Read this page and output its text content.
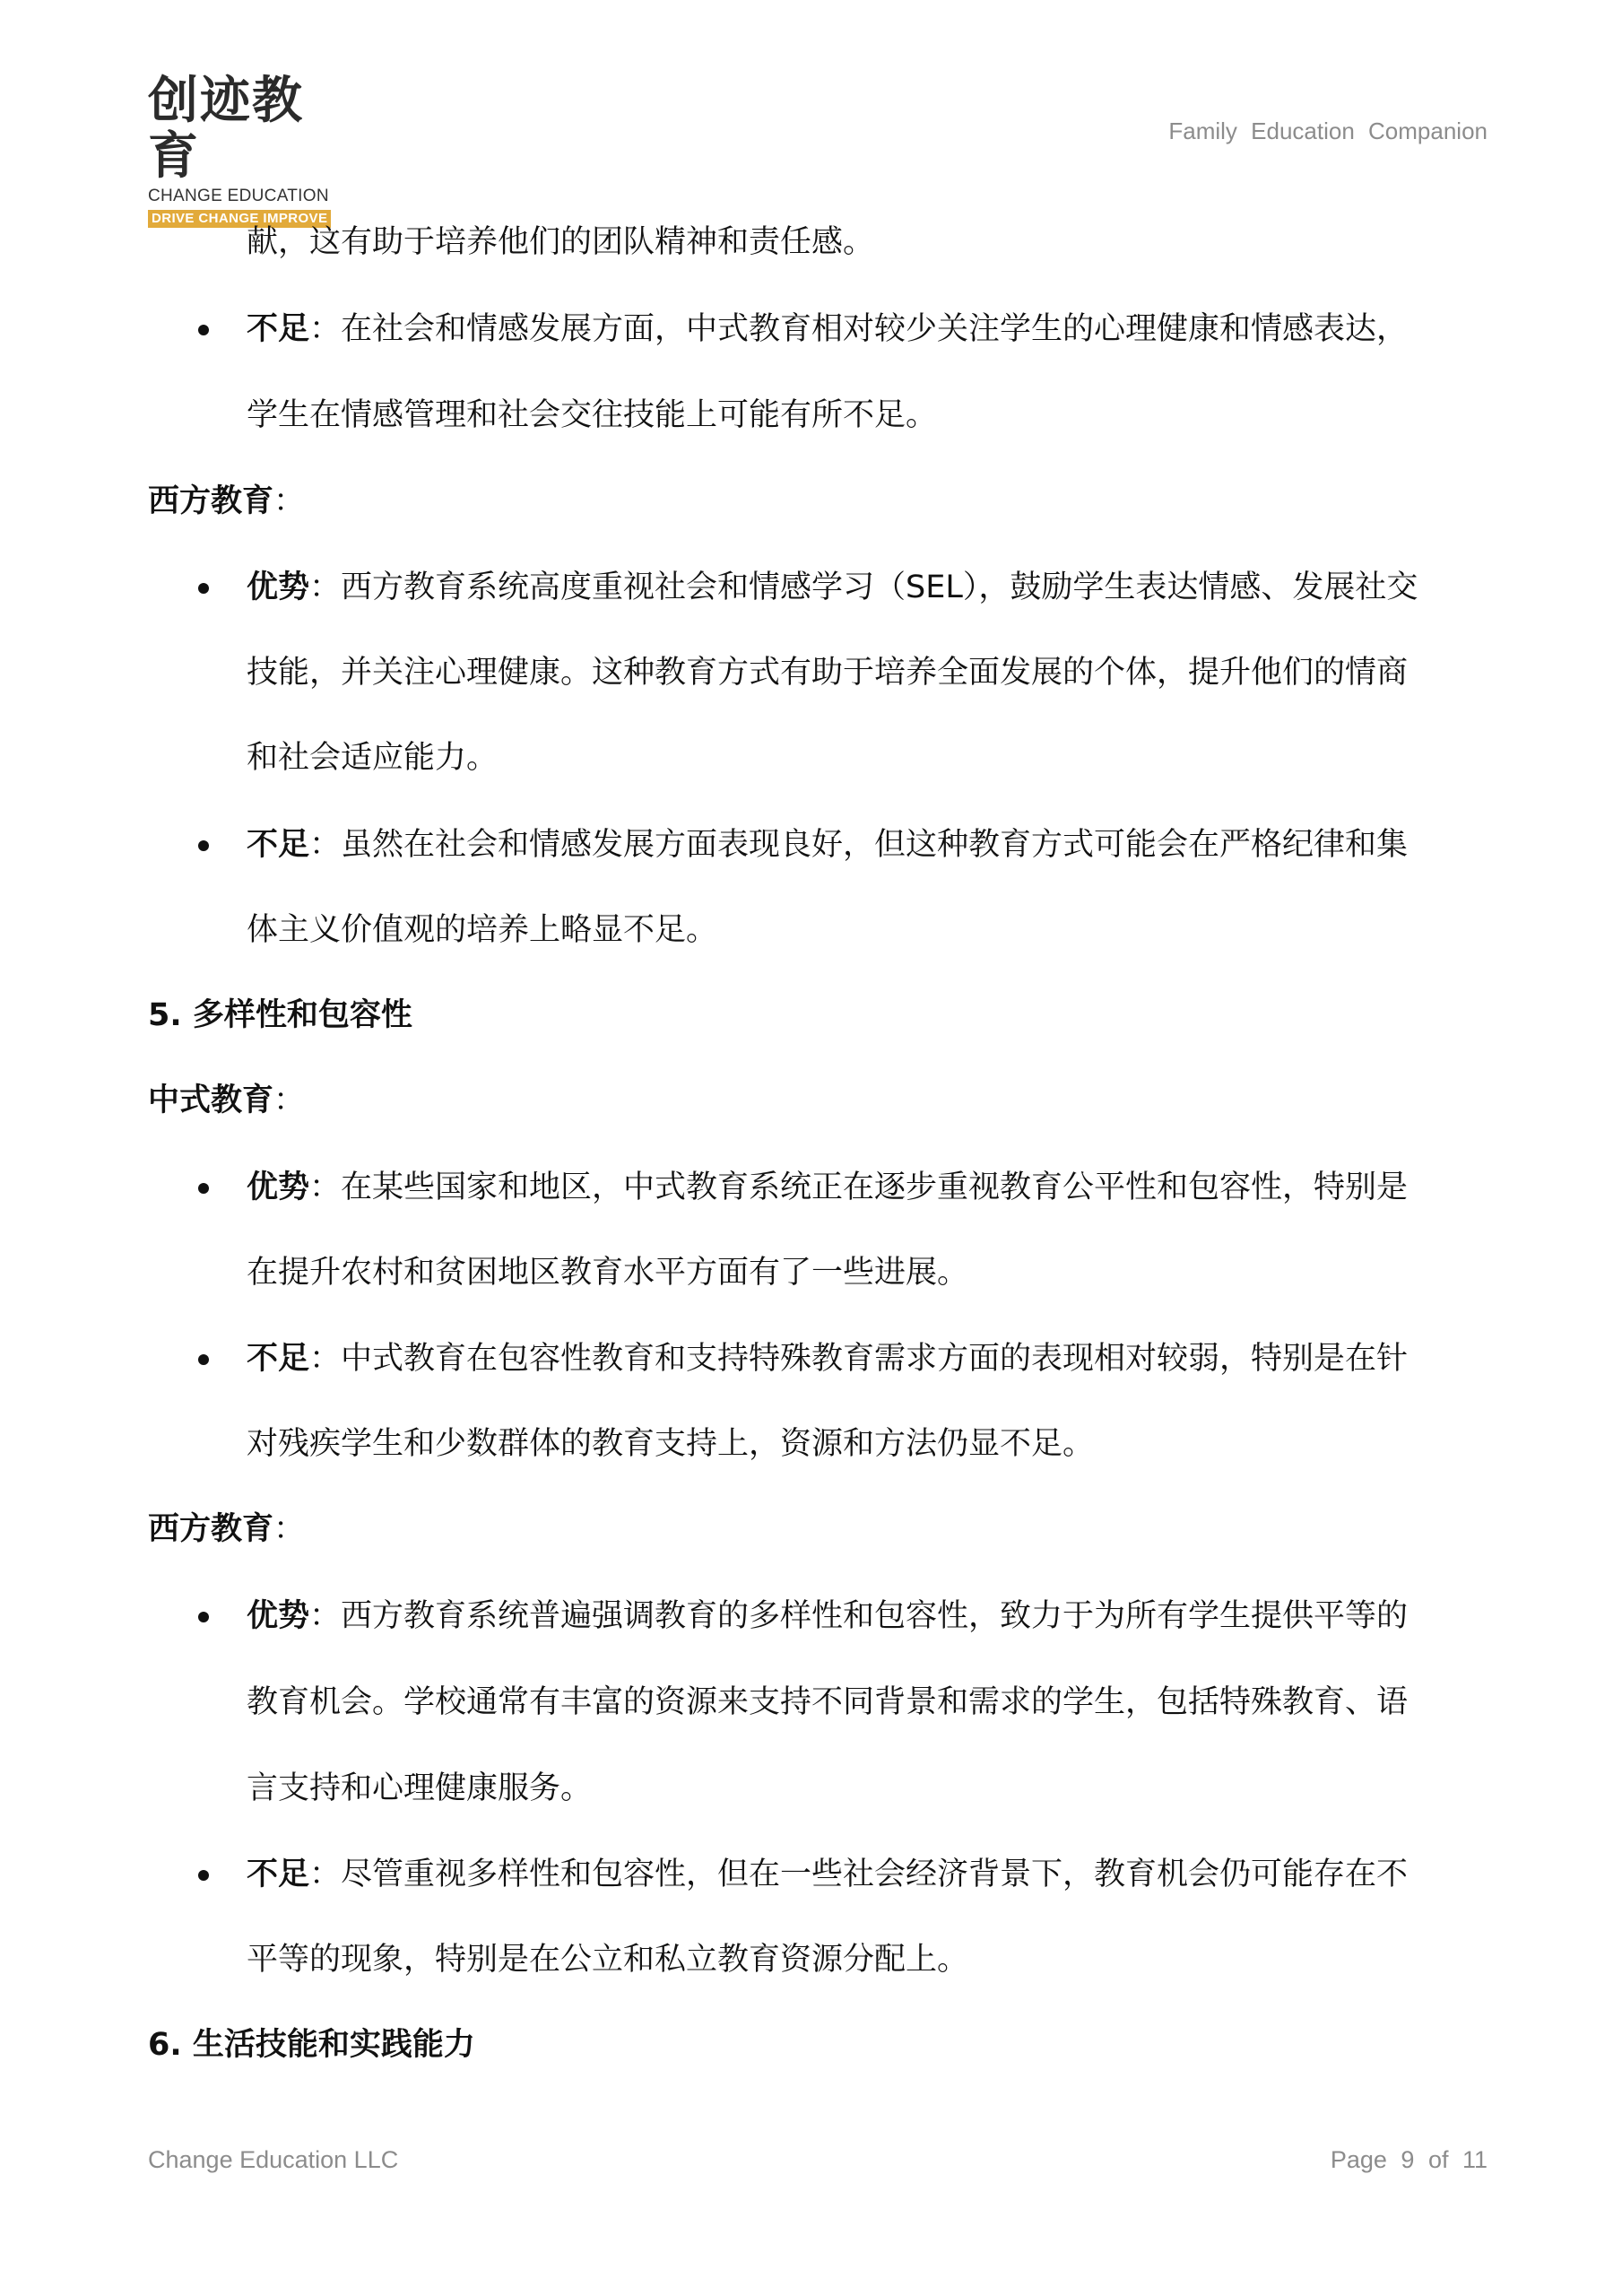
创迹教育
CHANGE EDUCATION
DRIVE CHANGE IMPROVE
Family Education Companion
献，这有助于培养他们的团队精神和责任感。
不足：在社会和情感发展方面，中式教育相对较少关注学生的心理健康和情感表达，
学生在情感管理和社会交往技能上可能有所不足。
西方教育：
优势：西方教育系统高度重视社会和情感学习（SEL），鼓励学生表达情感、发展社交
技能，并关注心理健康。这种教育方式有助于培养全面发展的个体，提升他们的情商
和社会适应能力。
不足：虽然在社会和情感发展方面表现良好，但这种教育方式可能会在严格纪律和集
体主义价值观的培养上略显不足。
5. 多样性和包容性
中式教育：
优势：在某些国家和地区，中式教育系统正在逐步重视教育公平性和包容性，特别是
在提升农村和贫困地区教育水平方面有了一些进展。
不足：中式教育在包容性教育和支持特殊教育需求方面的表现相对较弱，特别是在针
对残疾学生和少数群体的教育支持上，资源和方法仍显不足。
西方教育：
优势：西方教育系统普遍强调教育的多样性和包容性，致力于为所有学生提供平等的
教育机会。学校通常有丰富的资源来支持不同背景和需求的学生，包括特殊教育、语
言支持和心理健康服务。
不足：尽管重视多样性和包容性，但在一些社会经济背景下，教育机会仍可能存在不
平等的现象，特别是在公立和私立教育资源分配上。
6. 生活技能和实践能力
Change Education LLC	Page 9 of 11
